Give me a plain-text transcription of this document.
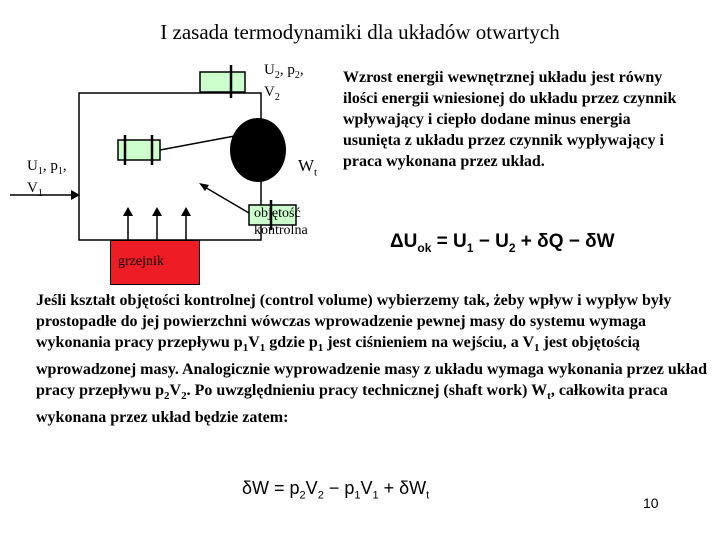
I zasada termodynamiki dla układów otwartych
grzejnik
$U_2$, $p_2$,
$V_2$
$U_1$, $p_1$,
$V_1$
$W_t$
objętość kontrolna
Wzrost energii wewnętrznej układu jest równy ilości energii wniesionej do układu przez czynnik wpływający i ciepło dodane minus energia usunięta z układu przez czynnik wypływający i praca wykonana przez układ.
$\Delta U_{ok} = U_1 - U_2 + \delta Q - \delta W$
Jeśli kształt objętości kontrolnej (control volume) wybierzemy tak, żeby wpływ i wypływ były prostopadłe do jej powierzchni wówczas wprowadzenie pewnej masy do systemu wymaga wykonania pracy przepływu $p_1V_1$ gdzie $p_1$ jest ciśnieniem na wejściu, a $V_1$ jest objętością wprowadzonej masy. Analogicznie wyprowadzenie masy z układu wymaga wykonania przez układ pracy przepływu $p_2V_2$. Po uwzględnieniu pracy technicznej (shaft work) $W_t$, całkowita praca wykonana przez układ będzie zatem:
$\delta W = p_2V_2 - p_1V_1 + \delta W_t$	10
